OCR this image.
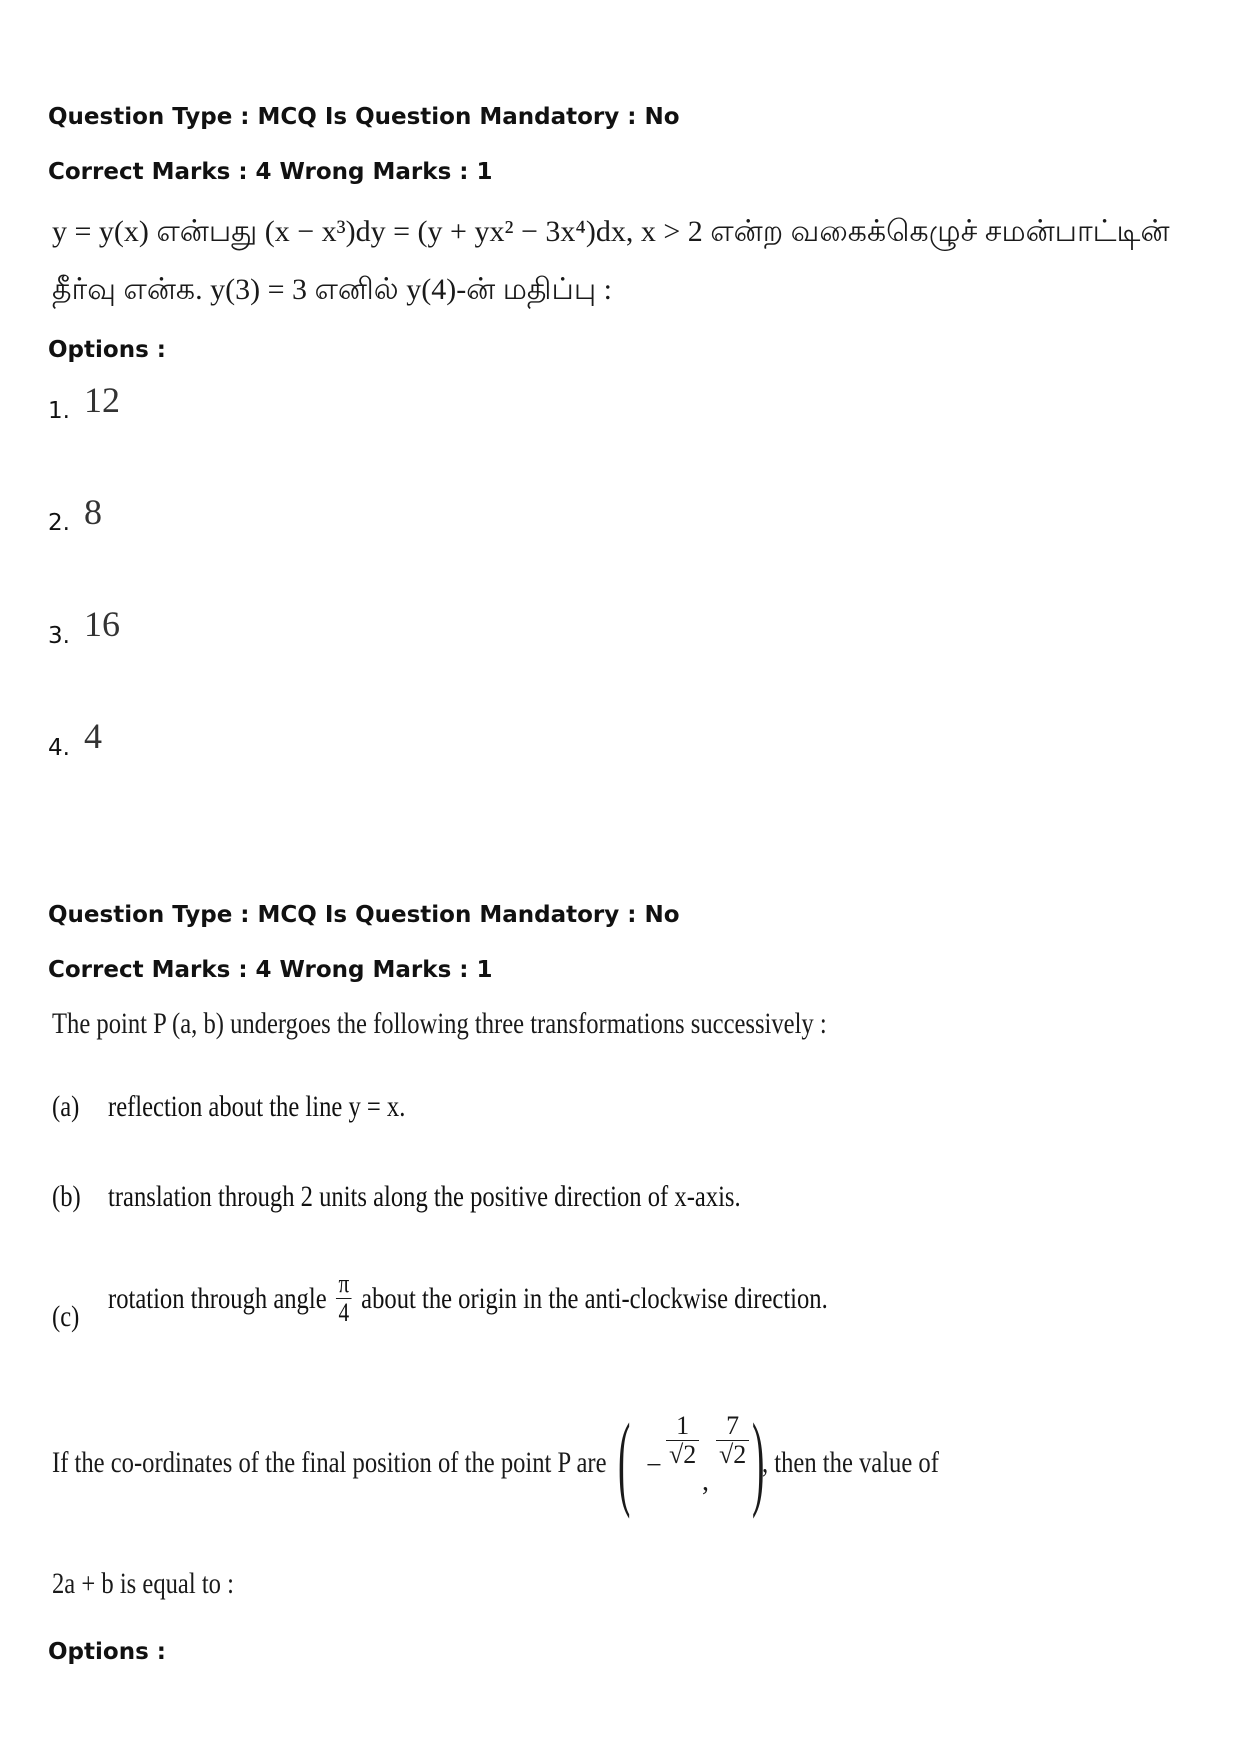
Question Type : MCQ Is Question Mandatory : No
Correct Marks : 4 Wrong Marks : 1
y = y(x) என்பது (x − x³)dy = (y + yx² − 3x⁴)dx, x > 2 என்ற வகைக்கெழுச் சமன்பாட்டின்
தீர்வு என்க. y(3) = 3 எனில் y(4)-ன் மதிப்பு :
Options :
1. 12
2. 8
3. 16
4. 4
Question Type : MCQ Is Question Mandatory : No
Correct Marks : 4 Wrong Marks : 1
The point P (a, b) undergoes the following three transformations successively :
(a) reflection about the line y = x.
(b) translation through 2 units along the positive direction of x-axis.
(c)
rotation through angle $\frac{\pi}{4}$ about the origin in the anti-clockwise direction.
If the co-ordinates of the final position of the point P are ( − $\frac{1}{√2}$
,
$\frac{7}{√2}$ )
, then the value of
2a + b is equal to :
Options :
